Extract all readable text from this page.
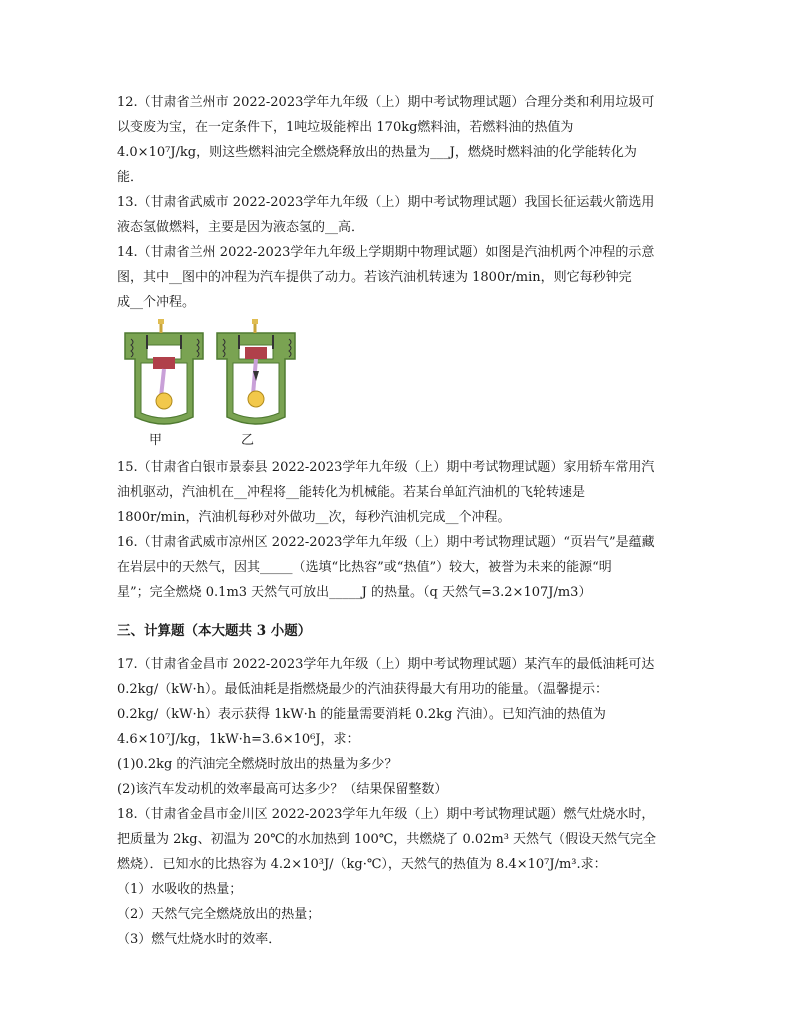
12.（甘肃省兰州市 2022-2023学年九年级（上）期中考试物理试题）合理分类和利用垃圾可
以变废为宝，在一定条件下，1吨垃圾能榨出 170kg燃料油，若燃料油的热值为
4.0×10⁷J/kg，则这些燃料油完全燃烧释放出的热量为___J，燃烧时燃料油的化学能转化为
能．
13.（甘肃省武威市 2022-2023学年九年级（上）期中考试物理试题）我国长征运载火箭选用
液态氢做燃料，主要是因为液态氢的__高．
14.（甘肃省兰州 2022-2023学年九年级上学期期中物理试题）如图是汽油机两个冲程的示意
图，其中__图中的冲程为汽车提供了动力。若该汽油机转速为 1800r/min，则它每秒钟完
成__个冲程。
甲	乙
15.（甘肃省白银市景泰县 2022-2023学年九年级（上）期中考试物理试题）家用轿车常用汽
油机驱动，汽油机在__冲程将__能转化为机械能。若某台单缸汽油机的飞轮转速是
1800r/min，汽油机每秒对外做功__次，每秒汽油机完成__个冲程。
16.（甘肃省武威市凉州区 2022-2023学年九年级（上）期中考试物理试题）“页岩气”是蕴藏
在岩层中的天然气，因其_____（选填“比热容”或“热值”）较大，被誉为未来的能源“明
星”；完全燃烧 0.1m3 天然气可放出_____J 的热量。（q 天然气=3.2×107J/m3）
三、计算题（本大题共 3 小题）
17.（甘肃省金昌市 2022-2023学年九年级（上）期中考试物理试题）某汽车的最低油耗可达
0.2kg/（kW·h）。最低油耗是指燃烧最少的汽油获得最大有用功的能量。（温馨提示：
0.2kg/（kW·h）表示获得 1kW·h 的能量需要消耗 0.2kg 汽油）。已知汽油的热值为
4.6×10⁷J/kg，1kW·h=3.6×10⁶J，求：
(1)0.2kg 的汽油完全燃烧时放出的热量为多少？
(2)该汽车发动机的效率最高可达多少？（结果保留整数）
18.（甘肃省金昌市金川区 2022-2023学年九年级（上）期中考试物理试题）燃气灶烧水时，
把质量为 2kg、初温为 20℃的水加热到 100℃，共燃烧了 0.02m³ 天然气（假设天然气完全
燃烧）．已知水的比热容为 4.2×10³J/（kg·℃），天然气的热值为 8.4×10⁷J/m³.求：
（1）水吸收的热量；
（2）天然气完全燃烧放出的热量；
（3）燃气灶烧水时的效率．
